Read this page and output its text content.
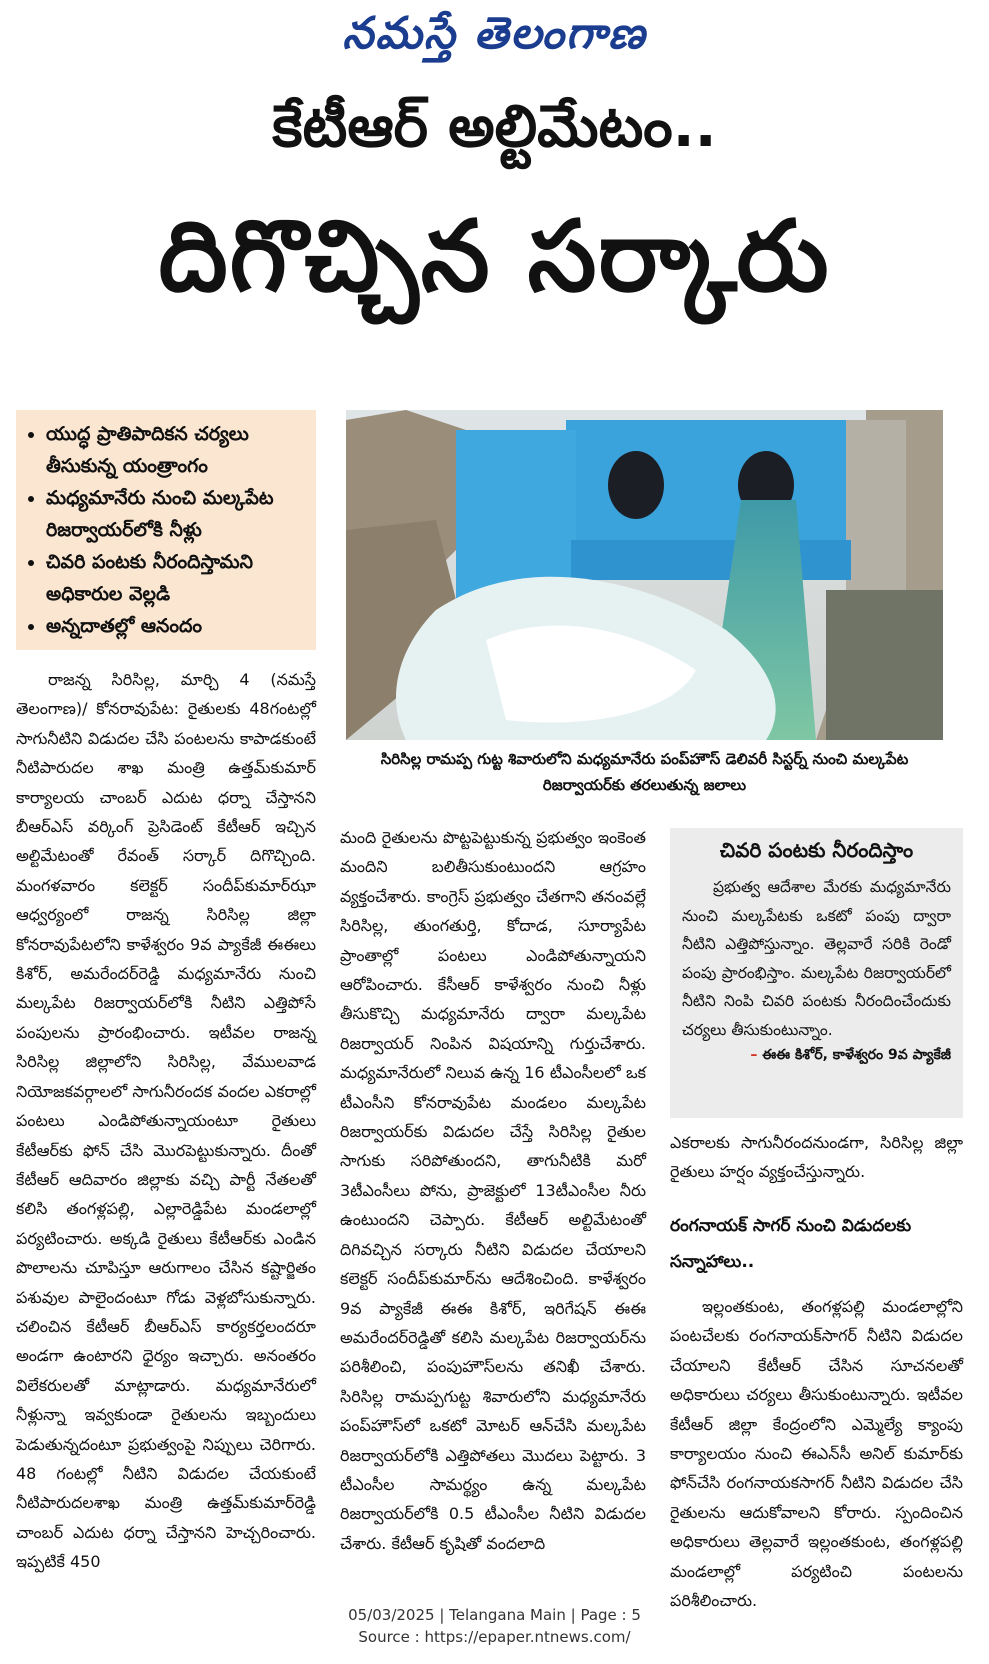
నమస్తే తెలంగాణ
కేటీఆర్ అల్టిమేటం..
దిగొచ్చిన సర్కారు
• యుద్ధ ప్రాతిపాదికన చర్యలు తీసుకున్న యంత్రాంగం
• మధ్యమానేరు నుంచి మల్కపేట రిజర్వాయర్‌లోకి నీళ్లు
• చివరి పంటకు నీరందిస్తామని అధికారుల వెల్లడి
• అన్నదాతల్లో ఆనందం
సిరిసిల్ల రామప్ప గుట్ట శివారులోని మధ్యమానేరు పంప్‌హౌస్ డెలివరీ సిస్టర్న్ నుంచి మల్కపేట రిజర్వాయర్‌కు తరలుతున్న జలాలు

రాజన్న సిరిసిల్ల, మార్చి 4 (నమస్తే తెలంగాణ)/ కోనరావుపేట: రైతులకు 48గంటల్లో సాగునీటిని విడుదల చేసి పంటలను కాపాడకుంటే నీటిపారుదల శాఖ మంత్రి ఉత్తమ్‌కుమార్ కార్యాలయ చాంబర్ ఎదుట ధర్నా చేస్తానని బీఆర్‌ఎస్ వర్కింగ్ ప్రెసిడెంట్ కేటీఆర్ ఇచ్చిన అల్టిమేటంతో రేవంత్ సర్కార్ దిగొచ్చింది. మంగళవారం కలెక్టర్ సందీప్‌కుమార్‌ఝా ఆధ్వర్యంలో రాజన్న సిరిసిల్ల జిల్లా కోనరావుపేటలోని కాళేశ్వరం 9వ ప్యాకేజీ ఈఈలు కిశోర్, అమరేందర్‌రెడ్డి మధ్యమానేరు నుంచి మల్కపేట రిజర్వాయర్‌లోకి నీటిని ఎత్తిపోసే పంపులను ప్రారంభించారు. ఇటీవల రాజన్న సిరిసిల్ల జిల్లాలోని సిరిసిల్ల, వేములవాడ నియోజకవర్గాలలో సాగునీరందక వందల ఎకరాల్లో పంటలు ఎండిపోతున్నాయంటూ రైతులు కేటీఆర్‌కు ఫోన్ చేసి మొరపెట్టుకున్నారు. దీంతో కేటీఆర్ ఆదివారం జిల్లాకు వచ్చి పార్టీ నేతలతో కలిసి తంగళ్లపల్లి, ఎల్లారెడ్డిపేట మండలాల్లో పర్యటించారు. అక్కడి రైతులు కేటీఆర్‌కు ఎండిన పొలాలను చూపిస్తూ ఆరుగాలం చేసిన కష్టార్జితం పశువుల పాలైందంటూ గోడు వెళ్లబోసుకున్నారు. చలించిన కేటీఆర్ బీఆర్‌ఎస్ కార్యకర్తలందరూ అండగా ఉంటారని ధైర్యం ఇచ్చారు. అనంతరం విలేకరులతో మాట్లాడారు. మధ్యమానేరులో నీళ్లున్నా ఇవ్వకుండా రైతులను ఇబ్బందులు పెడుతున్నదంటూ ప్రభుత్వంపై నిప్పులు చెరిగారు. 48 గంటల్లో నీటిని విడుదల చేయకుంటే నీటిపారుదలశాఖ మంత్రి ఉత్తమ్‌కుమార్‌రెడ్డి చాంబర్ ఎదుట ధర్నా చేస్తానని హెచ్చరించారు. ఇప్పటికే 450

మంది రైతులను పొట్టపెట్టుకున్న ప్రభుత్వం ఇంకెంత మందిని బలితీసుకుంటుందని ఆగ్రహం వ్యక్తంచేశారు. కాంగ్రెస్ ప్రభుత్వం చేతగాని తనంవల్లే సిరిసిల్ల, తుంగతుర్తి, కోదాడ, సూర్యాపేట ప్రాంతాల్లో పంటలు ఎండిపోతున్నాయని ఆరోపించారు. కేసీఆర్ కాళేశ్వరం నుంచి నీళ్లు తీసుకొచ్చి మధ్యమానేరు ద్వారా మల్కపేట రిజర్వాయర్ నింపిన విషయాన్ని గుర్తుచేశారు. మధ్యమానేరులో నిలువ ఉన్న 16 టీఎంసీలలో ఒక టీఎంసీని కోనరావుపేట మండలం మల్కపేట రిజర్వాయర్‌కు విడుదల చేస్తే సిరిసిల్ల రైతుల సాగుకు సరిపోతుందని, తాగునీటికి మరో 3టీఎంసీలు పోను, ప్రాజెక్టులో 13టీఎంసీల నీరు ఉంటుందని చెప్పారు. కేటీఆర్ అల్టిమేటంతో దిగివచ్చిన సర్కారు నీటిని విడుదల చేయాలని కలెక్టర్ సందీప్‌కుమార్‌ను ఆదేశించింది. కాళేశ్వరం 9వ ప్యాకేజీ ఈఈ కిశోర్, ఇరిగేషన్ ఈఈ అమరేందర్‌రెడ్డితో కలిసి మల్కపేట రిజర్వాయర్‌ను పరిశీలించి, పంపుహౌస్‌లను తనిఖీ చేశారు. సిరిసిల్ల రామప్పగుట్ట శివారులోని మధ్యమానేరు పంప్‌హౌస్‌లో ఒకటో మోటర్ ఆన్‌చేసి మల్కపేట రిజర్వాయర్‌లోకి ఎత్తిపోతలు మొదలు పెట్టారు. 3 టీఎంసీల సామర్థ్యం ఉన్న మల్కపేట రిజర్వాయర్‌లోకి 0.5 టీఎంసీల నీటిని విడుదల చేశారు. కేటీఆర్ కృషితో వందలాది

చివరి పంటకు నీరందిస్తాం

ప్రభుత్వ ఆదేశాల మేరకు మధ్యమానేరు నుంచి మల్కపేటకు ఒకటో పంపు ద్వారా నీటిని ఎత్తిపోస్తున్నాం. తెల్లవారే సరికి రెండో పంపు ప్రారంభిస్తాం. మల్కపేట రిజర్వాయర్‌లో నీటిని నింపి చివరి పంటకు నీరందించేందుకు చర్యలు తీసుకుంటున్నాం.

– ఈఈ కిశోర్, కాళేశ్వరం 9వ ప్యాకేజీ

ఎకరాలకు సాగునీరందనుండగా, సిరిసిల్ల జిల్లా రైతులు హర్షం వ్యక్తంచేస్తున్నారు.

రంగనాయక్ సాగర్ నుంచి విడుదలకు సన్నాహాలు..

ఇల్లంతకుంట, తంగళ్లపల్లి మండలాల్లోని పంటచేలకు రంగనాయక్‌సాగర్ నీటిని విడుదల చేయాలని కేటీఆర్ చేసిన సూచనలతో అధికారులు చర్యలు తీసుకుంటున్నారు. ఇటీవల కేటీఆర్ జిల్లా కేంద్రంలోని ఎమ్మెల్యే క్యాంపు కార్యాలయం నుంచి ఈఎన్‌సీ అనిల్ కుమార్‌కు ఫోన్‌చేసి రంగనాయకసాగర్ నీటిని విడుదల చేసి రైతులను ఆదుకోవాలని కోరారు. స్పందించిన అధికారులు తెల్లవారే ఇల్లంతకుంట, తంగళ్లపల్లి మండలాల్లో పర్యటించి పంటలను పరిశీలించారు.

05/03/2025 | Telangana Main | Page : 5
Source : https://epaper.ntnews.com/
